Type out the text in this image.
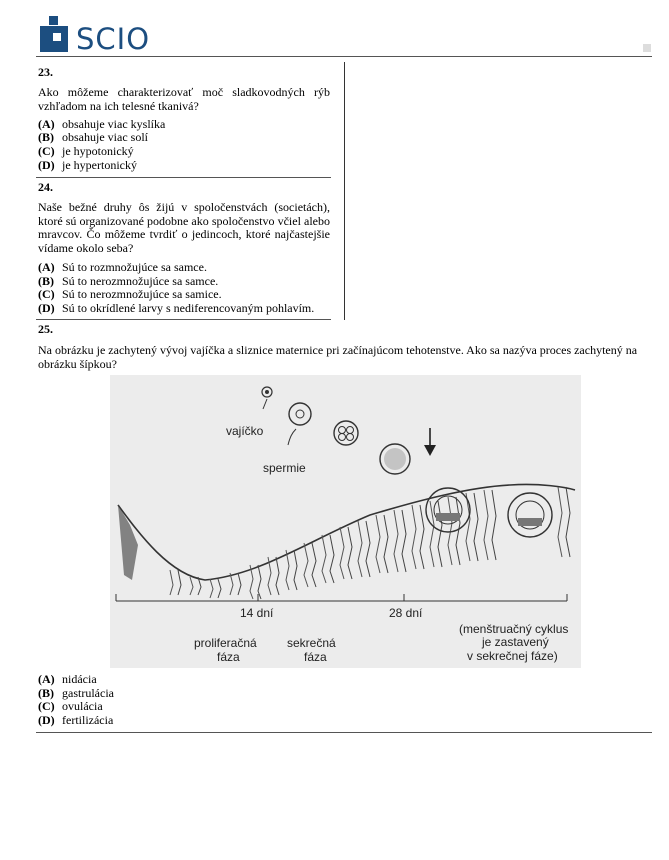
SCIO
23.
Ako môžeme charakterizovať moč sladkovodných rýb vzhľadom na ich telesné tkanivá?
(A) obsahuje viac kyslíka
(B) obsahuje viac solí
(C) je hypotonický
(D) je hypertonický
24.
Naše bežné druhy ôs žijú v spoločenstvách (societách), ktoré sú organizované podobne ako spoločenstvo včiel alebo mravcov. Čo môžeme tvrdiť o jedincoch, ktoré najčastejšie vídame okolo seba?
(A) Sú to rozmnožujúce sa samce.
(B) Sú to nerozmnožujúce sa samce.
(C) Sú to nerozmnožujúce sa samice.
(D) Sú to okrídlené larvy s nediferencovaným pohlavím.
25.
Na obrázku je zachytený vývoj vajíčka a sliznice maternice pri začínajúcom tehotenstve. Ako sa nazýva proces zachytený na obrázku šípkou?
vajíčko
spermie
14 dní	28 dní
proliferačná
fáza
sekrečná
fáza
(menštruačný cyklus
je zastavený
v sekrečnej fáze)
(A) nidácia
(B) gastrulácia
(C) ovulácia
(D) fertilizácia
